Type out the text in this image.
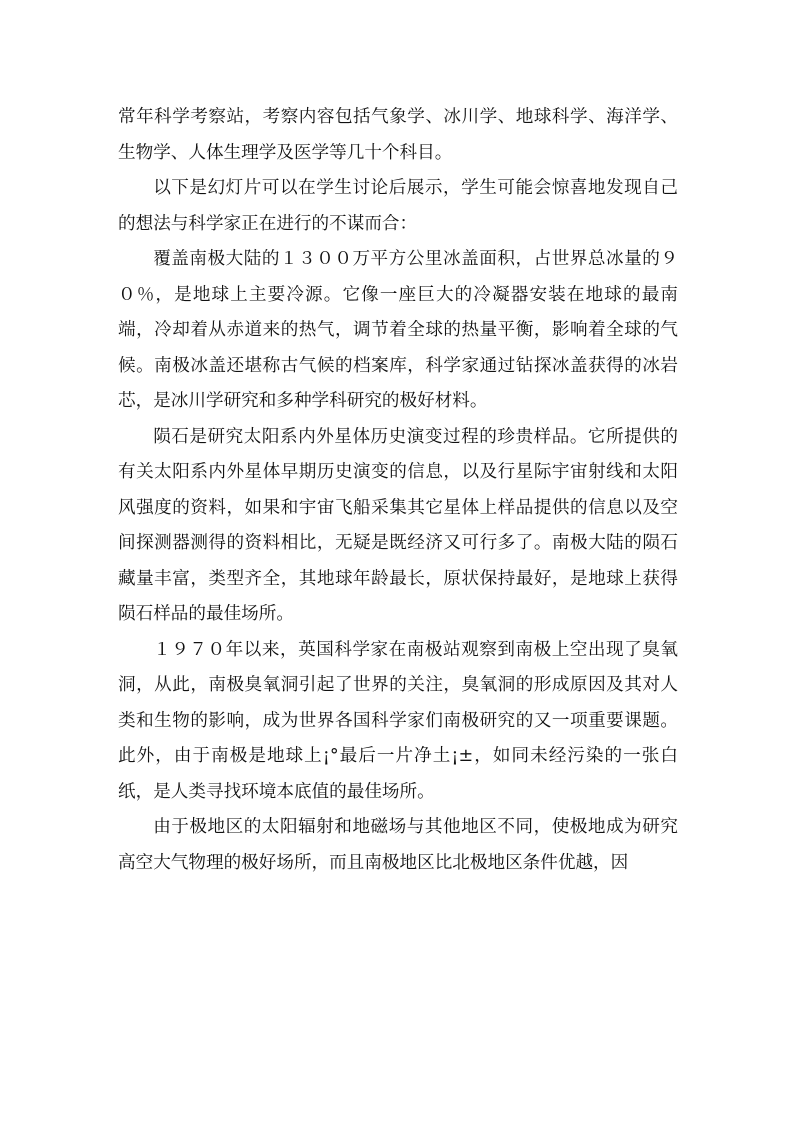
常年科学考察站，考察内容包括气象学、冰川学、地球科学、海洋学、生物学、人体生理学及医学等几十个科目。

以下是幻灯片可以在学生讨论后展示，学生可能会惊喜地发现自己的想法与科学家正在进行的不谋而合：

覆盖南极大陆的１３００万平方公里冰盖面积，占世界总冰量的９０％，是地球上主要冷源。它像一座巨大的冷凝器安装在地球的最南端，冷却着从赤道来的热气，调节着全球的热量平衡，影响着全球的气候。南极冰盖还堪称古气候的档案库，科学家通过钻探冰盖获得的冰岩芯，是冰川学研究和多种学科研究的极好材料。

陨石是研究太阳系内外星体历史演变过程的珍贵样品。它所提供的有关太阳系内外星体早期历史演变的信息，以及行星际宇宙射线和太阳风强度的资料，如果和宇宙飞船采集其它星体上样品提供的信息以及空间探测器测得的资料相比，无疑是既经济又可行多了。南极大陆的陨石藏量丰富，类型齐全，其地球年龄最长，原状保持最好，是地球上获得陨石样品的最佳场所。

１９７０年以来，英国科学家在南极站观察到南极上空出现了臭氧洞，从此，南极臭氧洞引起了世界的关注，臭氧洞的形成原因及其对人类和生物的影响，成为世界各国科学家们南极研究的又一项重要课题。此外，由于南极是地球上¡°最后一片净土¡±，如同未经污染的一张白纸，是人类寻找环境本底值的最佳场所。

由于极地区的太阳辐射和地磁场与其他地区不同，使极地成为研究高空大气物理的极好场所，而且南极地区比北极地区条件优越，因
